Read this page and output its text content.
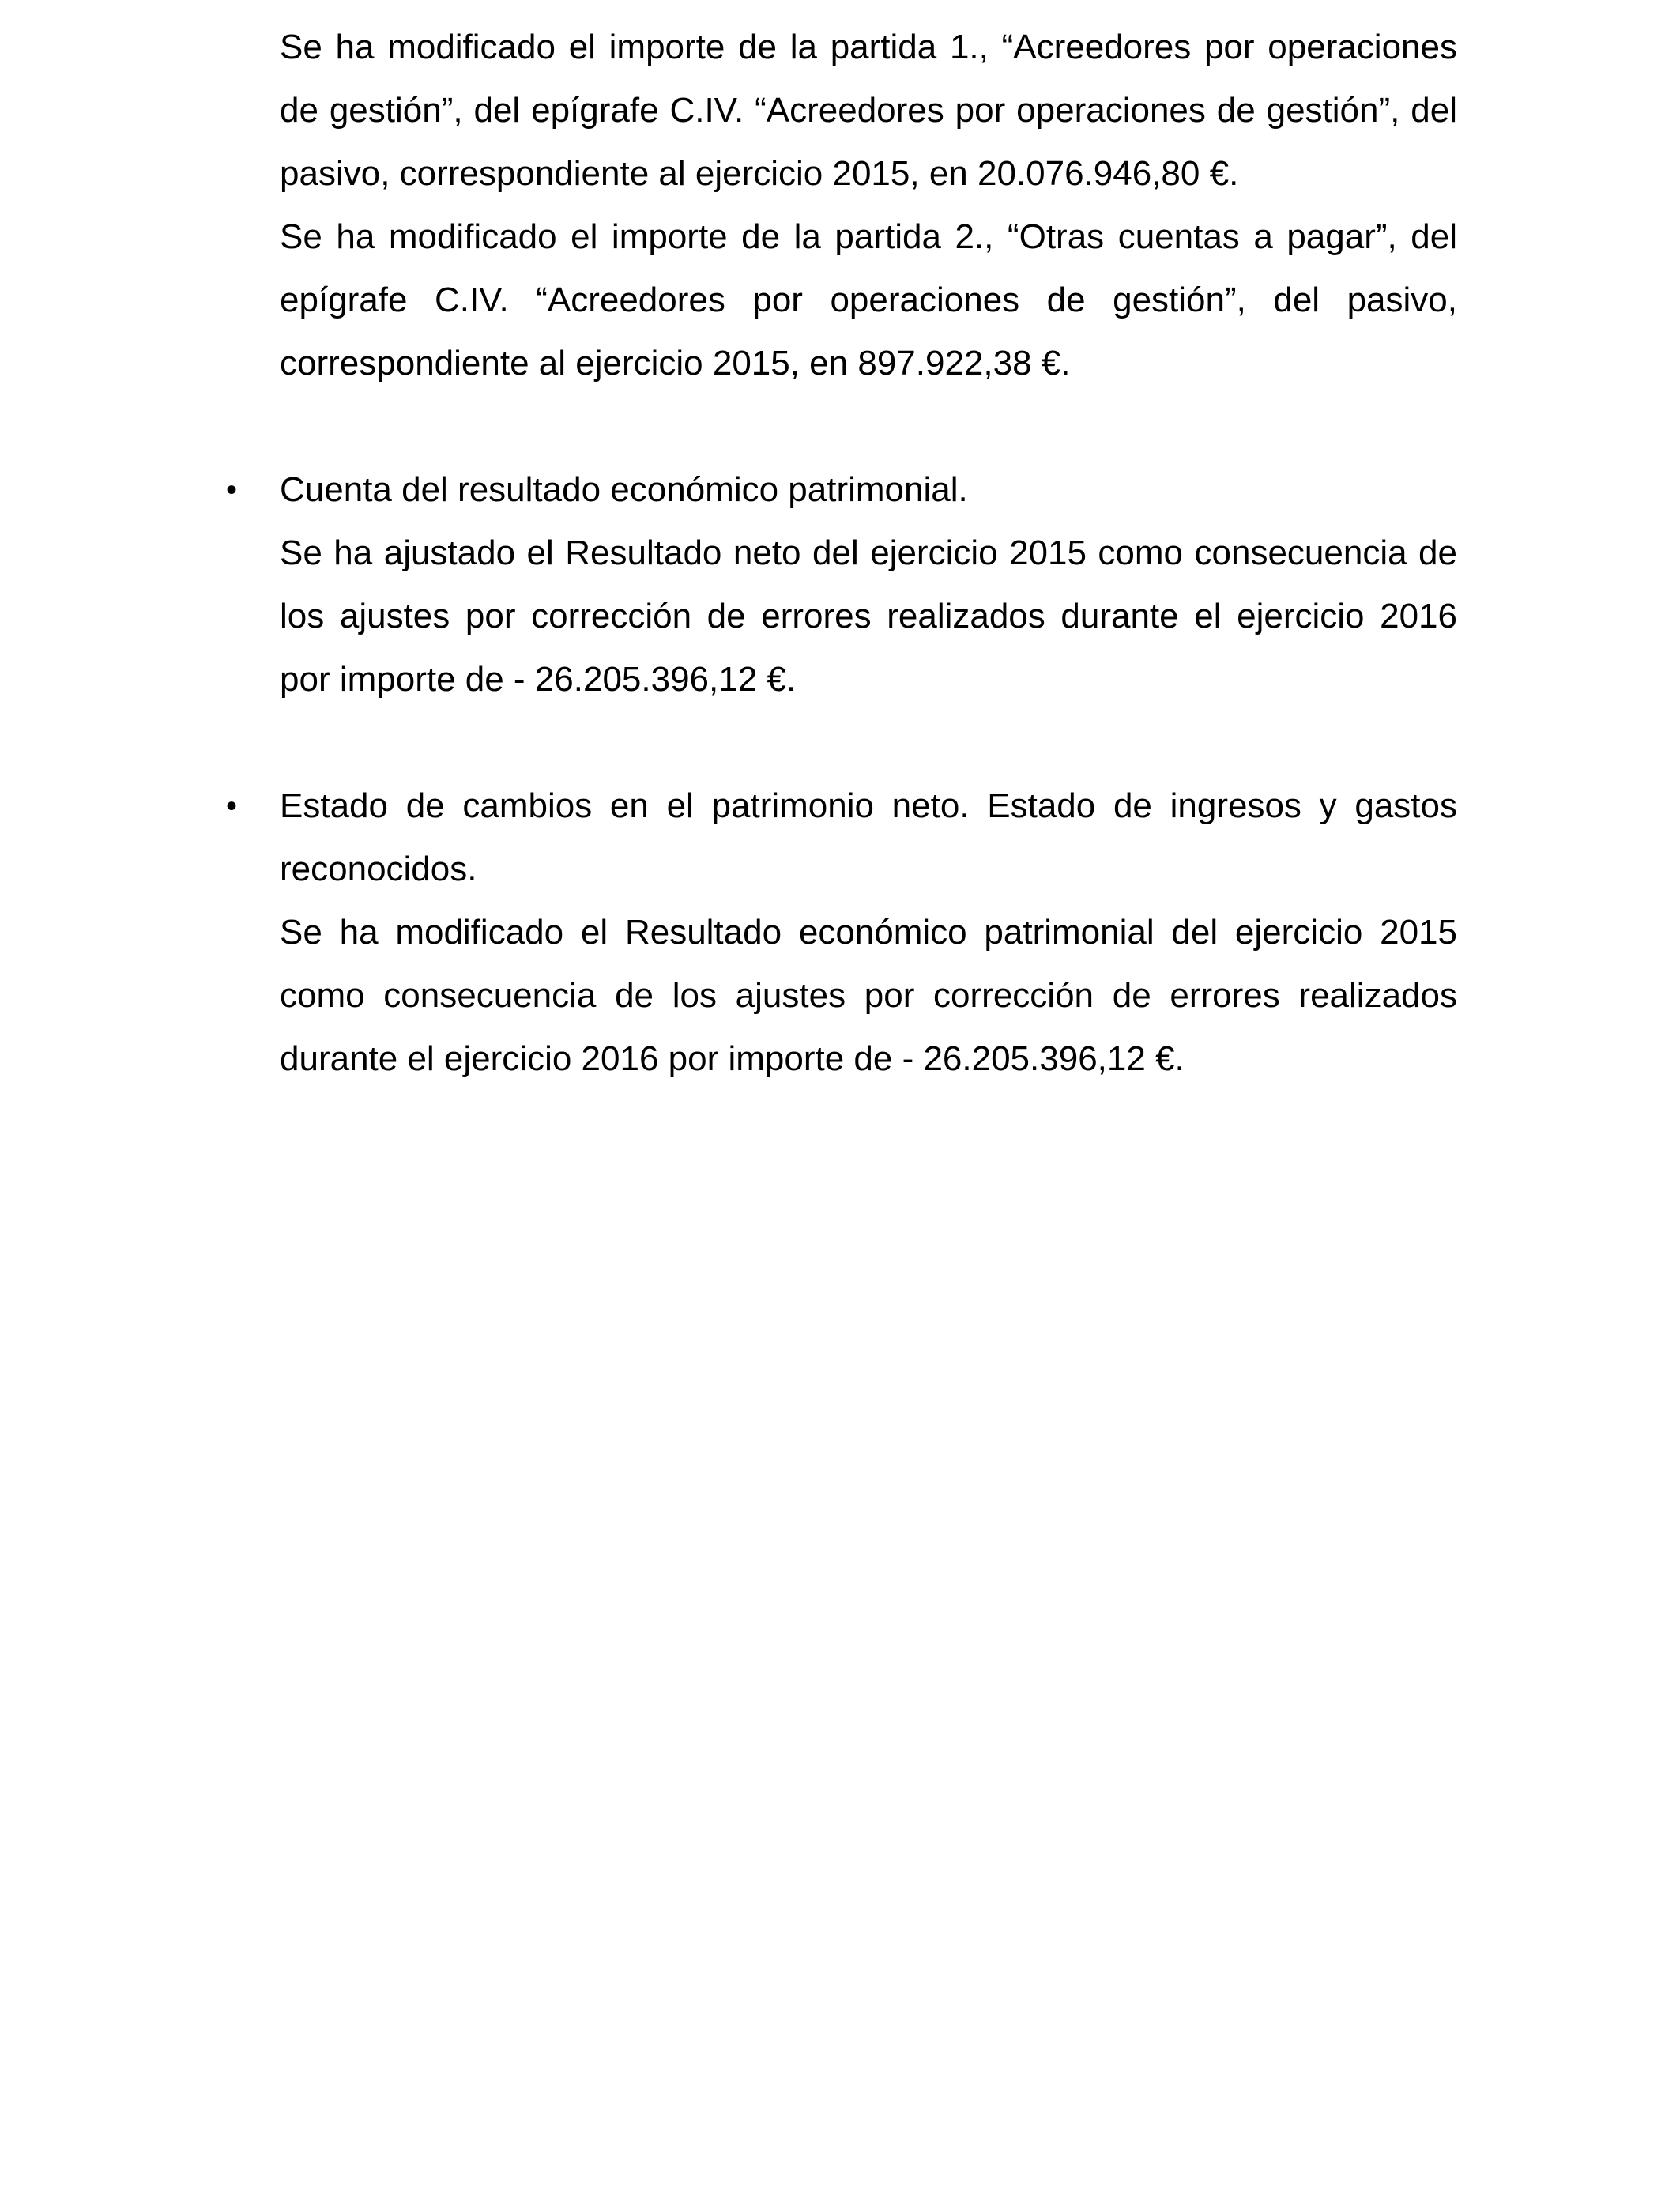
Se ha modificado el importe de la partida 1., “Acreedores por operaciones de gestión”, del epígrafe C.IV. “Acreedores por operaciones de gestión”, del pasivo, correspondiente al ejercicio 2015, en 20.076.946,80 €.

Se ha modificado el importe de la partida 2., “Otras cuentas a pagar”, del epígrafe C.IV. “Acreedores por operaciones de gestión”, del pasivo, correspondiente al ejercicio 2015, en 897.922,38 €.

• Cuenta del resultado económico patrimonial.

Se ha ajustado el Resultado neto del ejercicio 2015 como consecuencia de los ajustes por corrección de errores realizados durante el ejercicio 2016 por importe de - 26.205.396,12 €.

• Estado de cambios en el patrimonio neto. Estado de ingresos y gastos reconocidos.

Se ha modificado el Resultado económico patrimonial del ejercicio 2015 como consecuencia de los ajustes por corrección de errores realizados durante el ejercicio 2016 por importe de - 26.205.396,12 €.
